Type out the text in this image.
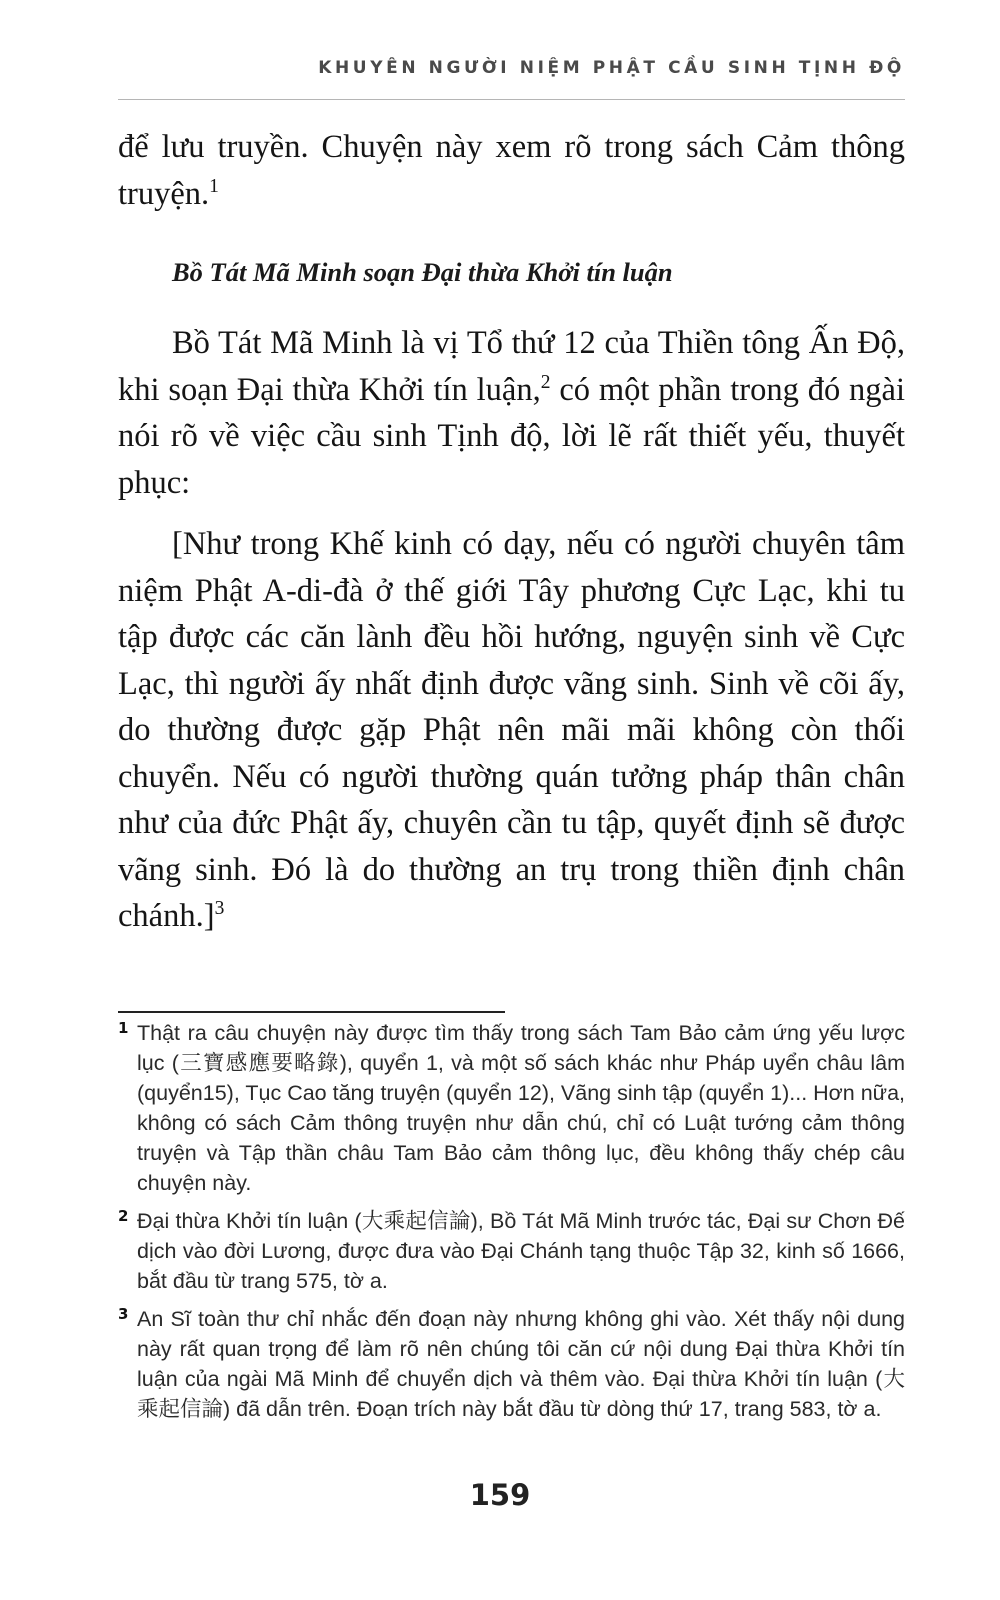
KHUYÊN NGƯỜI NIỆM PHẬT CẦU SINH TỊNH ĐỘ

để lưu truyền. Chuyện này xem rõ trong sách Cảm thông truyện.$^1$

Bồ Tát Mã Minh soạn Đại thừa Khởi tín luận

Bồ Tát Mã Minh là vị Tổ thứ 12 của Thiền tông Ấn Độ, khi soạn Đại thừa Khởi tín luận,$^2$ có một phần trong đó ngài nói rõ về việc cầu sinh Tịnh độ, lời lẽ rất thiết yếu, thuyết phục:

[Như trong Khế kinh có dạy, nếu có người chuyên tâm niệm Phật A-di-đà ở thế giới Tây phương Cực Lạc, khi tu tập được các căn lành đều hồi hướng, nguyện sinh về Cực Lạc, thì người ấy nhất định được vãng sinh. Sinh về cõi ấy, do thường được gặp Phật nên mãi mãi không còn thối chuyển. Nếu có người thường quán tưởng pháp thân chân như của đức Phật ấy, chuyên cần tu tập, quyết định sẽ được vãng sinh. Đó là do thường an trụ trong thiền định chân chánh.]$^3$

1 Thật ra câu chuyện này được tìm thấy trong sách Tam Bảo cảm ứng yếu lược lục (三寶感應要略錄), quyển 1, và một số sách khác như Pháp uyển châu lâm (quyển15), Tục Cao tăng truyện (quyển 12), Vãng sinh tập (quyển 1)... Hơn nữa, không có sách Cảm thông truyện như dẫn chú, chỉ có Luật tướng cảm thông truyện và Tập thần châu Tam Bảo cảm thông lục, đều không thấy chép câu chuyện này.
2 Đại thừa Khởi tín luận (大乘起信論), Bồ Tát Mã Minh trước tác, Đại sư Chơn Đế dịch vào đời Lương, được đưa vào Đại Chánh tạng thuộc Tập 32, kinh số 1666, bắt đầu từ trang 575, tờ a.
3 An Sĩ toàn thư chỉ nhắc đến đoạn này nhưng không ghi vào. Xét thấy nội dung này rất quan trọng để làm rõ nên chúng tôi căn cứ nội dung Đại thừa Khởi tín luận của ngài Mã Minh để chuyển dịch và thêm vào. Đại thừa Khởi tín luận (大乘起信論) đã dẫn trên. Đoạn trích này bắt đầu từ dòng thứ 17, trang 583, tờ a.
159
